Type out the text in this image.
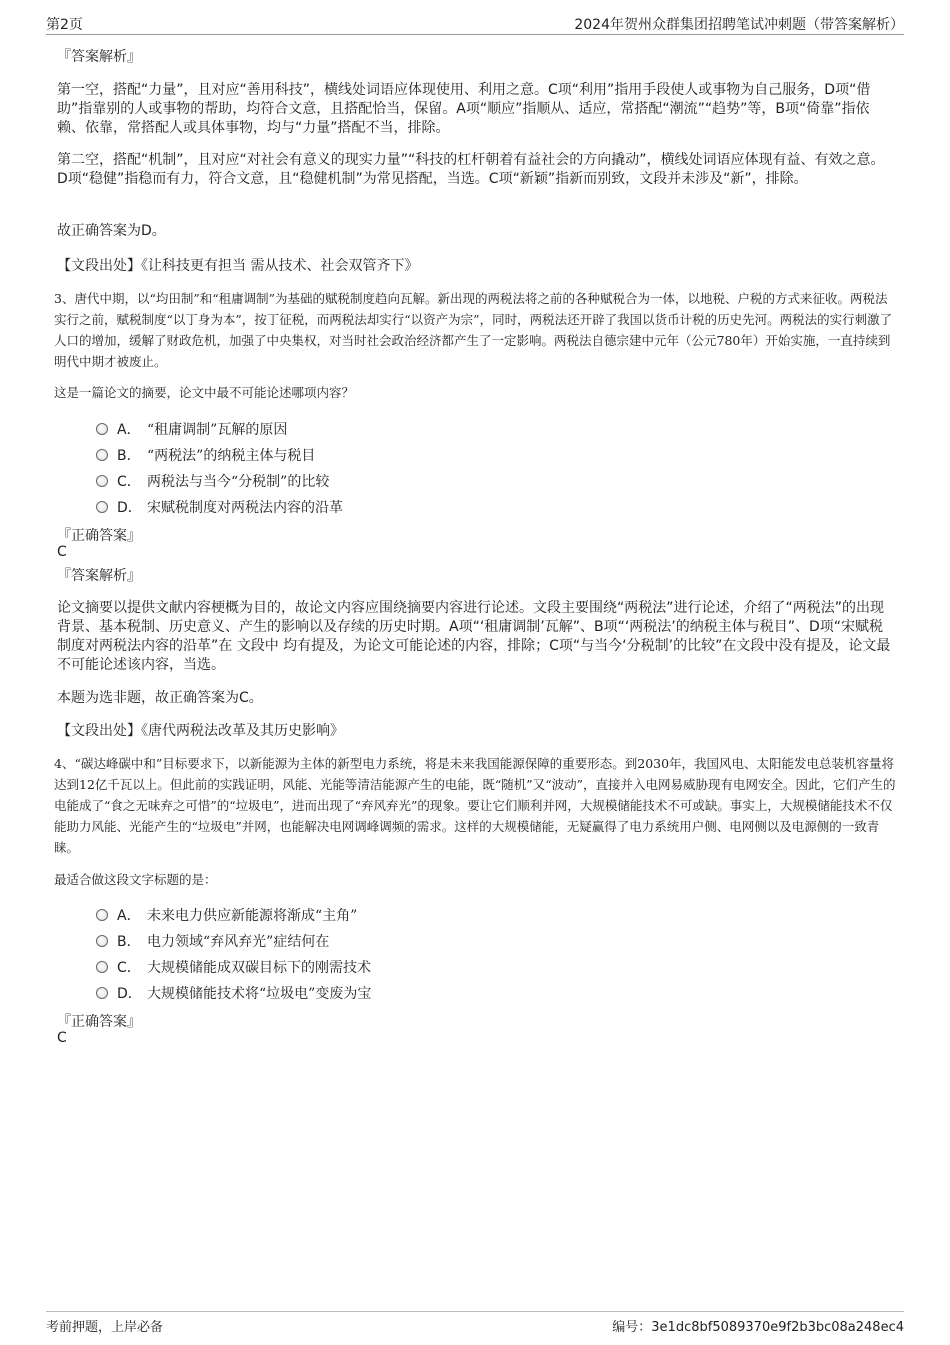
第2页	2024年贺州众群集团招聘笔试冲刺题（带答案解析）
『答案解析』
第一空，搭配“力量”，且对应“善用科技”，横线处词语应体现使用、利用之意。C项“利用”指用手段使人或事物为自己服务，D项“借助”指靠别的人或事物的帮助，均符合文意，且搭配恰当，保留。A项“顺应”指顺从、适应，常搭配“潮流”“趋势”等，B项“倚靠”指依赖、依靠，常搭配人或具体事物，均与“力量”搭配不当，排除。
第二空，搭配“机制”，且对应“对社会有意义的现实力量”“科技的杠杆朝着有益社会的方向撬动”，横线处词语应体现有益、有效之意。D项“稳健”指稳而有力，符合文意，且“稳健机制”为常见搭配，当选。C项“新颖”指新而别致，文段并未涉及“新”，排除。
故正确答案为D。
【文段出处】《让科技更有担当 需从技术、社会双管齐下》
3、唐代中期，以“均田制”和“租庸调制”为基础的赋税制度趋向瓦解。新出现的两税法将之前的各种赋税合为一体，以地税、户税的方式来征收。两税法实行之前，赋税制度“以丁身为本”，按丁征税，而两税法却实行“以资产为宗”，同时，两税法还开辟了我国以货币计税的历史先河。两税法的实行刺激了人口的增加，缓解了财政危机，加强了中央集权，对当时社会政治经济都产生了一定影响。两税法自德宗建中元年（公元780年）开始实施，一直持续到明代中期才被废止。
这是一篇论文的摘要，论文中最不可能论述哪项内容？
A． “租庸调制”瓦解的原因
B． “两税法”的纳税主体与税目
C． 两税法与当今“分税制”的比较
D． 宋赋税制度对两税法内容的沿革
『正确答案』
C
『答案解析』
论文摘要以提供文献内容梗概为目的，故论文内容应围绕摘要内容进行论述。文段主要围绕“两税法”进行论述，介绍了“两税法”的出现背景、基本税制、历史意义、产生的影响以及存续的历史时期。A项“‘租庸调制’瓦解”、B项“‘两税法’的纳税主体与税目”、D项“宋赋税制度对两税法内容的沿革”在 文段中 均有提及，为论文可能论述的内容，排除；C项“与当今‘分税制’的比较”在文段中没有提及，论文最不可能论述该内容，当选。
本题为选非题，故正确答案为C。
【文段出处】《唐代两税法改革及其历史影响》
4、“碳达峰碳中和”目标要求下，以新能源为主体的新型电力系统，将是未来我国能源保障的重要形态。到2030年，我国风电、太阳能发电总装机容量将达到12亿千瓦以上。但此前的实践证明，风能、光能等清洁能源产生的电能，既“随机”又“波动”，直接并入电网易威胁现有电网安全。因此，它们产生的电能成了“食之无味弃之可惜”的“垃圾电”，进而出现了“弃风弃光”的现象。要让它们顺利并网，大规模储能技术不可或缺。事实上，大规模储能技术不仅能助力风能、光能产生的“垃圾电”并网，也能解决电网调峰调频的需求。这样的大规模储能，无疑赢得了电力系统用户侧、电网侧以及电源侧的一致青睐。
最适合做这段文字标题的是：
A． 未来电力供应新能源将渐成“主角”
B． 电力领域“弃风弃光”症结何在
C． 大规模储能成双碳目标下的刚需技术
D． 大规模储能技术将“垃圾电”变废为宝
『正确答案』
C
考前押题，上岸必备	编号：3e1dc8bf5089370e9f2b3bc08a248ec4
